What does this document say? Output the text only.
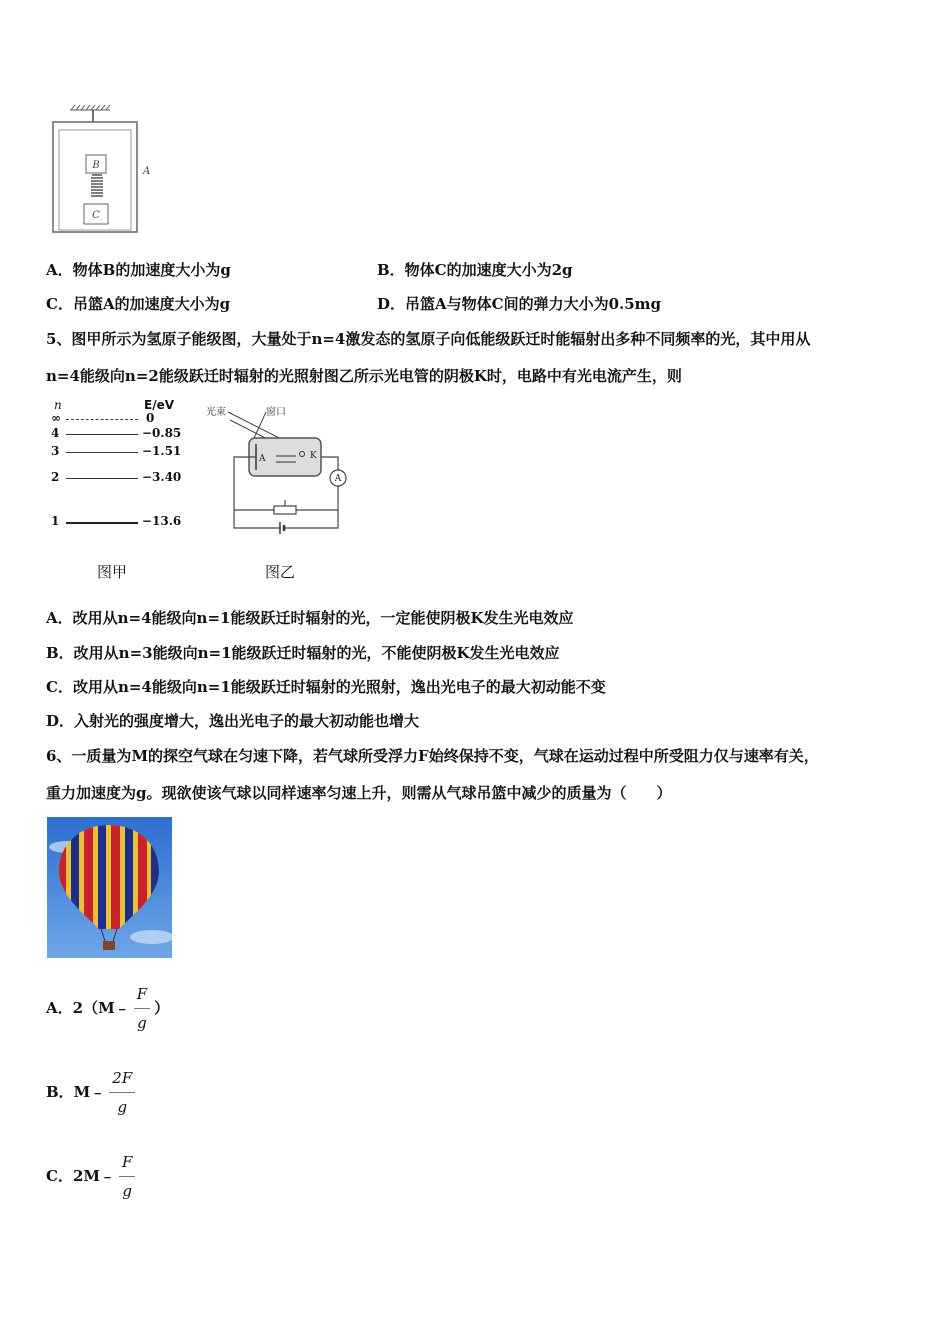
B
C
A
A．物体B的加速度大小为g	B．物体C的加速度大小为2g
C．吊篮A的加速度大小为g	D．吊篮A与物体C间的弹力大小为0.5mg
5、图甲所示为氢原子能级图，大量处于n=4激发态的氢原子向低能级跃迁时能辐射出多种不同频率的光，其中用从
n=4能级向n=2能级跃迁时辐射的光照射图乙所示光电管的阴极K时，电路中有光电流产生，则
n	E/eV
∞	0
4	−0.85
3	−1.51
2	−3.40
1	−13.6
光束	窗口
A	K
A
图甲	图乙
A．改用从n=4能级向n=1能级跃迁时辐射的光，一定能使阴极K发生光电效应
B．改用从n=3能级向n=1能级跃迁时辐射的光，不能使阴极K发生光电效应
C．改用从n=4能级向n=1能级跃迁时辐射的光照射，逸出光电子的最大初动能不变
D．入射光的强度增大，逸出光电子的最大初动能也增大
6、一质量为M的探空气球在匀速下降，若气球所受浮力F始终保持不变，气球在运动过程中所受阻力仅与速率有关，
重力加速度为g。现欲使该气球以同样速率匀速上升，则需从气球吊篮中减少的质量为（　　）
A．2（M﹣ $\frac{F}{g}$ ）
B．M﹣ $\frac{2F}{g}$
C．2M﹣ $\frac{F}{g}$
